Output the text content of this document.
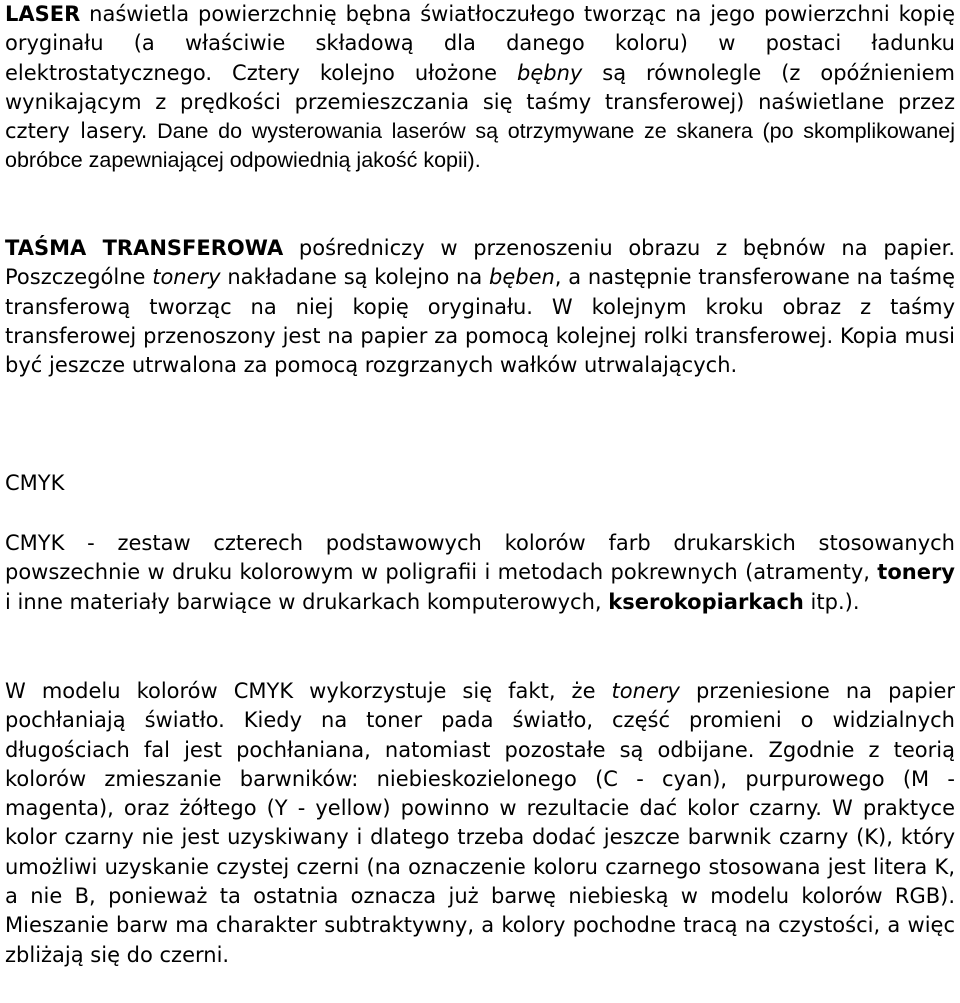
LASER naświetla powierzchnię bębna światłoczułego tworząc na jego powierzchni kopię oryginału (a właściwie składową dla danego koloru) w postaci ładunku elektrostatycznego. Cztery kolejno ułożone bębny są równolegle (z opóźnieniem wynikającym z prędkości przemieszczania się taśmy transferowej) naświetlane przez cztery lasery. Dane do wysterowania laserów są otrzymywane ze skanera (po skomplikowanej obróbce zapewniającej odpowiednią jakość kopii).

TAŚMA TRANSFEROWA pośredniczy w przenoszeniu obrazu z bębnów na papier. Poszczególne tonery nakładane są kolejno na bęben, a następnie transferowane na taśmę transferową tworząc na niej kopię oryginału. W kolejnym kroku obraz z taśmy transferowej przenoszony jest na papier za pomocą kolejnej rolki transferowej. Kopia musi być jeszcze utrwalona za pomocą rozgrzanych wałków utrwalających.

CMYK

CMYK - zestaw czterech podstawowych kolorów farb drukarskich stosowanych powszechnie w druku kolorowym w poligrafii i metodach pokrewnych (atramenty, tonery i inne materiały barwiące w drukarkach komputerowych, kserokopiarkach itp.).

W modelu kolorów CMYK wykorzystuje się fakt, że tonery przeniesione na papier pochłaniają światło. Kiedy na toner pada światło, część promieni o widzialnych długościach fal jest pochłaniana, natomiast pozostałe są odbijane. Zgodnie z teorią kolorów zmieszanie barwników: niebieskozielonego (C - cyan), purpurowego (M - magenta), oraz żółtego (Y - yellow) powinno w rezultacie dać kolor czarny. W praktyce kolor czarny nie jest uzyskiwany i dlatego trzeba dodać jeszcze barwnik czarny (K), który umożliwi uzyskanie czystej czerni (na oznaczenie koloru czarnego stosowana jest litera K, a nie B, ponieważ ta ostatnia oznacza już barwę niebieską w modelu kolorów RGB). Mieszanie barw ma charakter subtraktywny, a kolory pochodne tracą na czystości, a więc zbliżają się do czerni.
